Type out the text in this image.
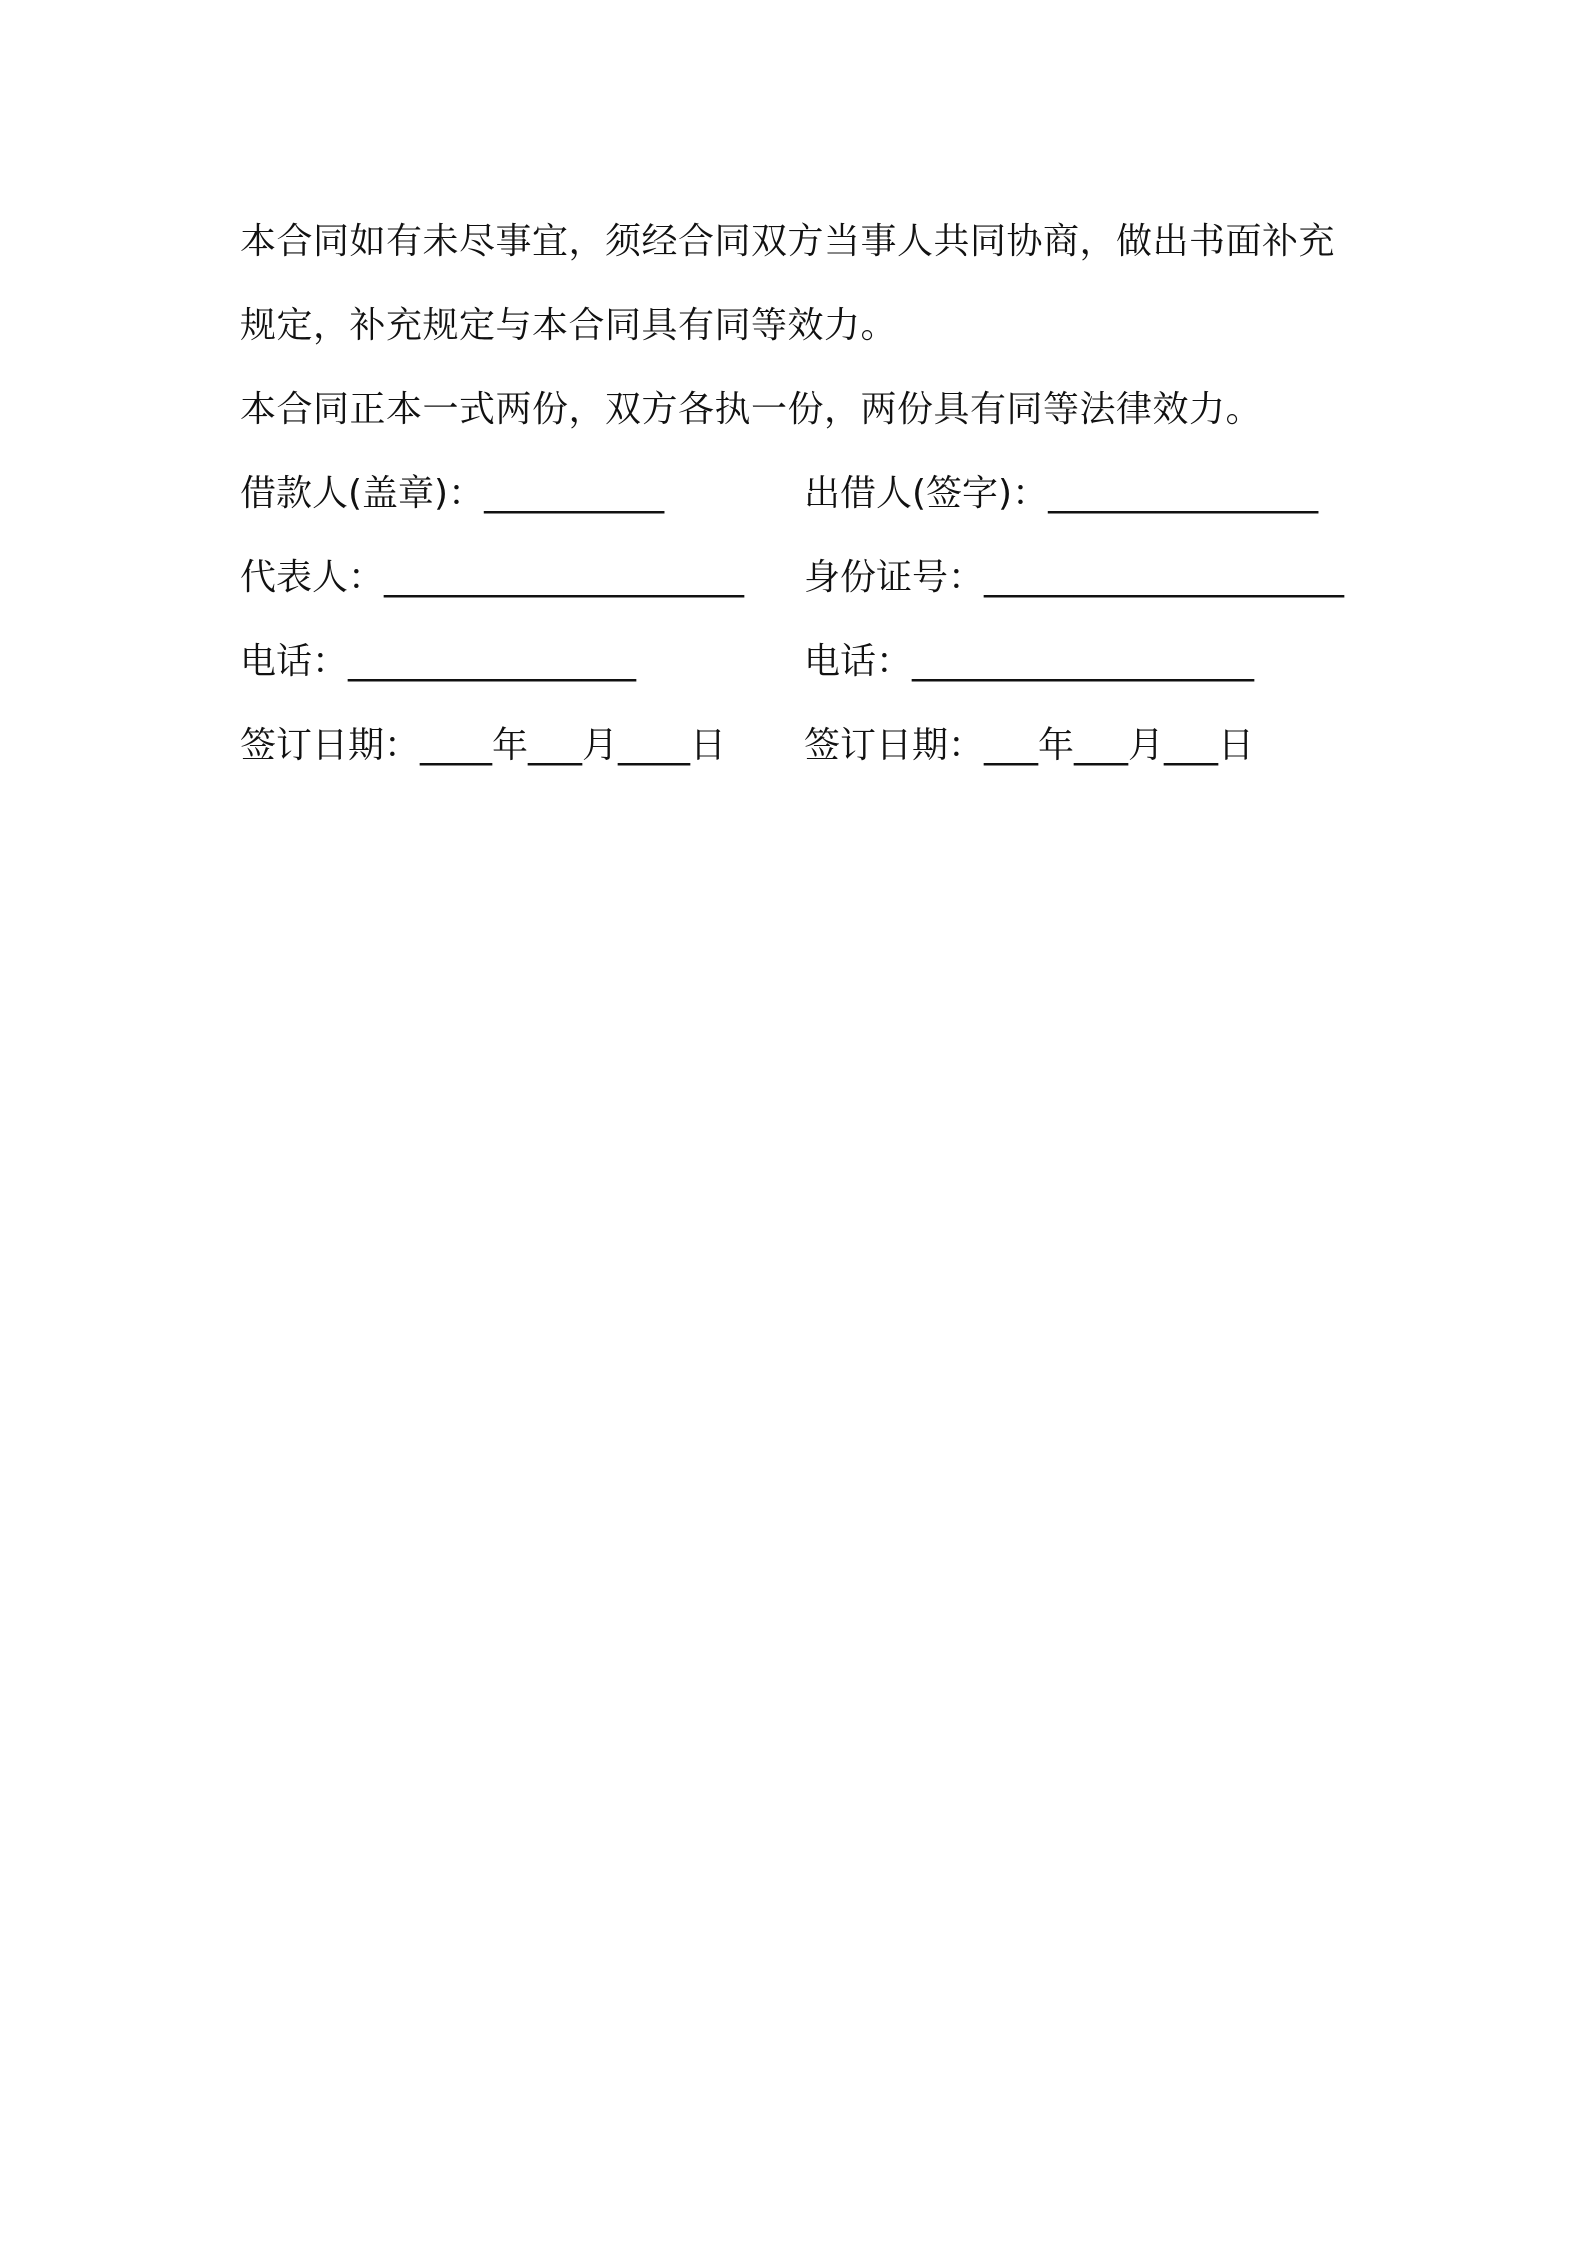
本合同如有未尽事宜，须经合同双方当事人共同协商，做出书面补充规定，补充规定与本合同具有同等效力。

本合同正本一式两份，双方各执一份，两份具有同等法律效力。

借款人(盖章)：__________	出借人(签字)：_______________
代表人：____________________	身份证号：____________________
电话：________________	电话：___________________
签订日期：____年___月____日	签订日期：___年___月___日
